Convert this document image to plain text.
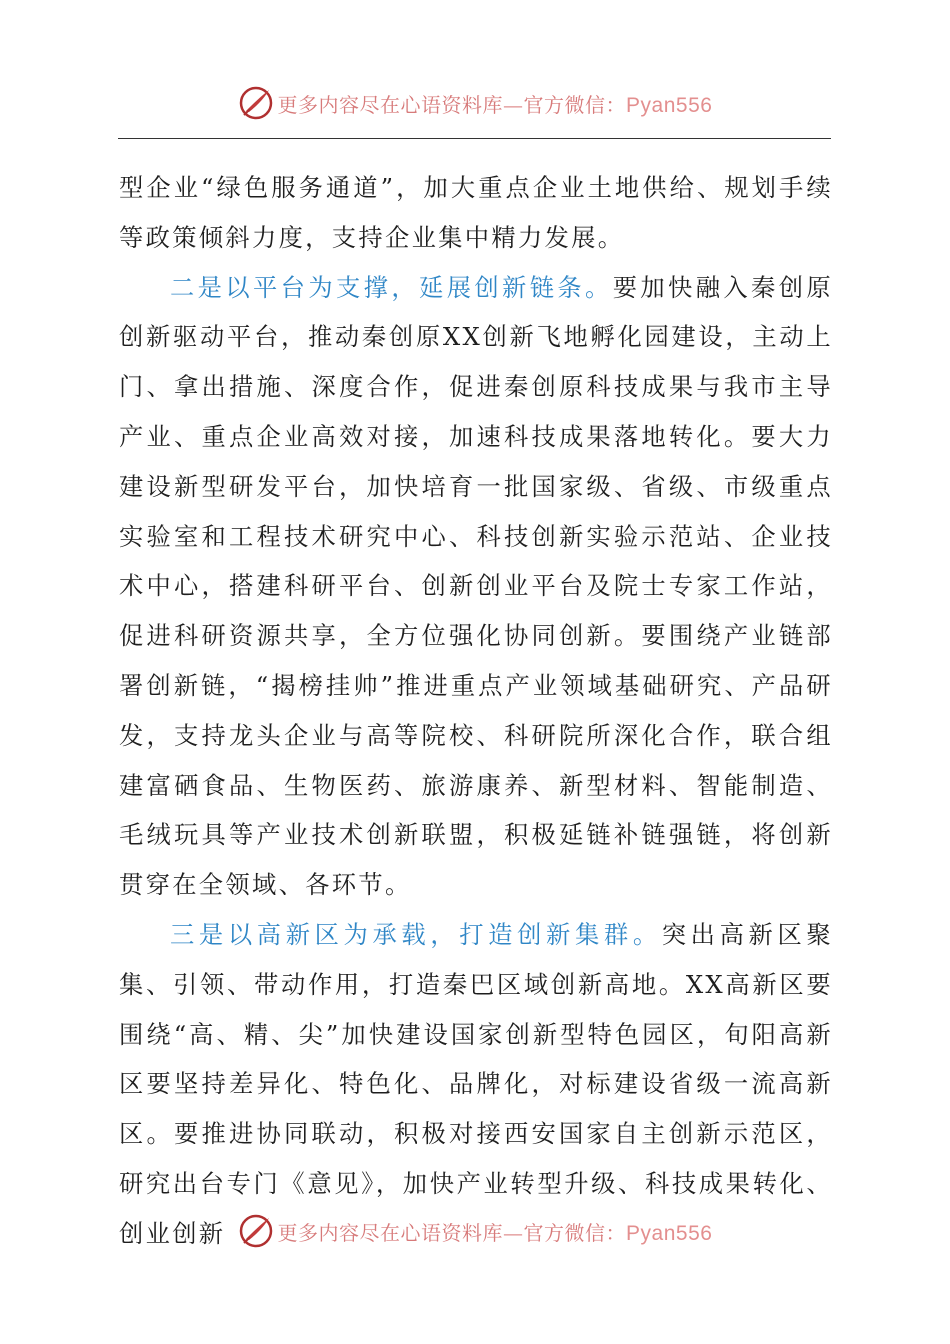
更多内容尽在心语资料库—官方微信：Pyan556

型企业“绿色服务通道”，加大重点企业土地供给、规划手续等政策倾斜力度，支持企业集中精力发展。

二是以平台为支撑，延展创新链条。要加快融入秦创原创新驱动平台，推动秦创原XX创新飞地孵化园建设，主动上门、拿出措施、深度合作，促进秦创原科技成果与我市主导产业、重点企业高效对接，加速科技成果落地转化。要大力建设新型研发平台，加快培育一批国家级、省级、市级重点实验室和工程技术研究中心、科技创新实验示范站、企业技术中心，搭建科研平台、创新创业平台及院士专家工作站，促进科研资源共享，全方位强化协同创新。要围绕产业链部署创新链，“揭榜挂帅”推进重点产业领域基础研究、产品研发，支持龙头企业与高等院校、科研院所深化合作，联合组建富硒食品、生物医药、旅游康养、新型材料、智能制造、毛绒玩具等产业技术创新联盟，积极延链补链强链，将创新贯穿在全领域、各环节。

三是以高新区为承载，打造创新集群。突出高新区聚集、引领、带动作用，打造秦巴区域创新高地。XX高新区要围绕“高、精、尖”加快建设国家创新型特色园区，旬阳高新区要坚持差异化、特色化、品牌化，对标建设省级一流高新区。要推进协同联动，积极对接西安国家自主创新示范区，研究出台专门《意见》，加快产业转型升级、科技成果转化、创业创新	更多内容尽在心语资料库—官方微信：Pyan556
